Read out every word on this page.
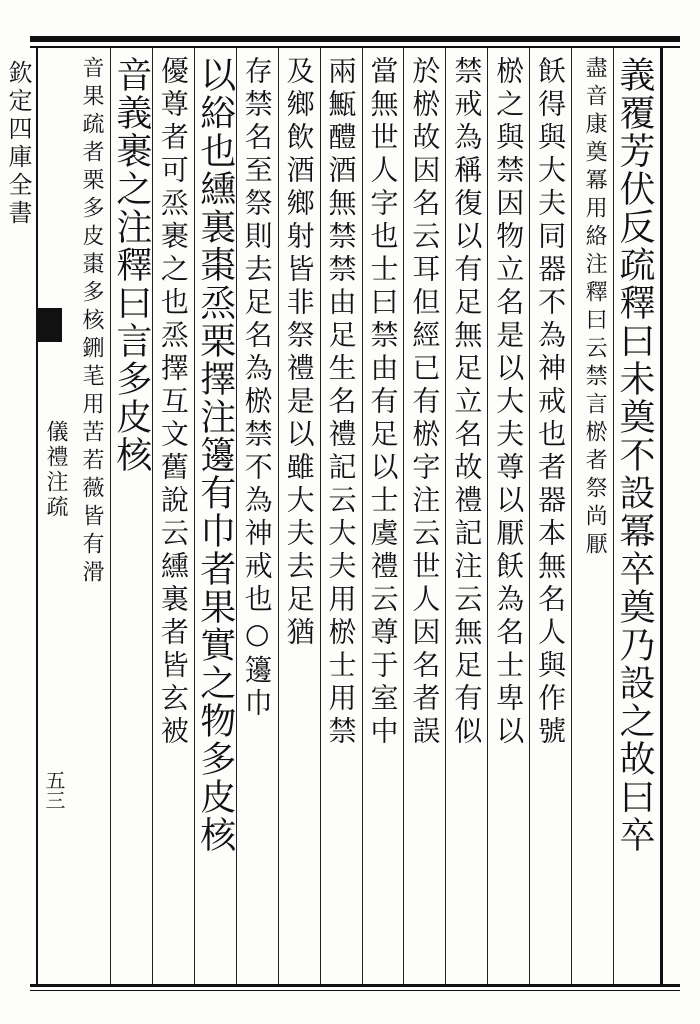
欽定四庫全書
儀禮注疏
五三	義覆芳伏反疏釋曰未奠不設冪卒奠乃設之故曰卒
盡音康奠冪用絡注釋曰云禁言棜者祭尚厭
飫得與大夫同器不為神戒也者器本無名人與作號
棜之與禁因物立名是以大夫尊以厭飫為名士卑以
禁戒為稱復以有足無足立名故禮記注云無足有似
於棜故因名云耳但經已有棜字注云世人因名者誤
當無世人字也士曰禁由有足以士虞禮云尊于室中
兩甒醴酒無禁禁由足生名禮記云大夫用棜士用禁
及鄉飲酒鄉射皆非祭禮是以雖大夫去足猶
存禁名至祭則去足名為棜禁不為神戒也○籩巾
以綌也纁裏棗烝栗擇注籩有巾者果實之物多皮核
優尊者可烝裹之也烝擇互文舊說云纁裏者皆玄被
音義裹之注釋曰言多皮核
音果疏者栗多皮棗多核鉶芼用苦若薇皆有滑
